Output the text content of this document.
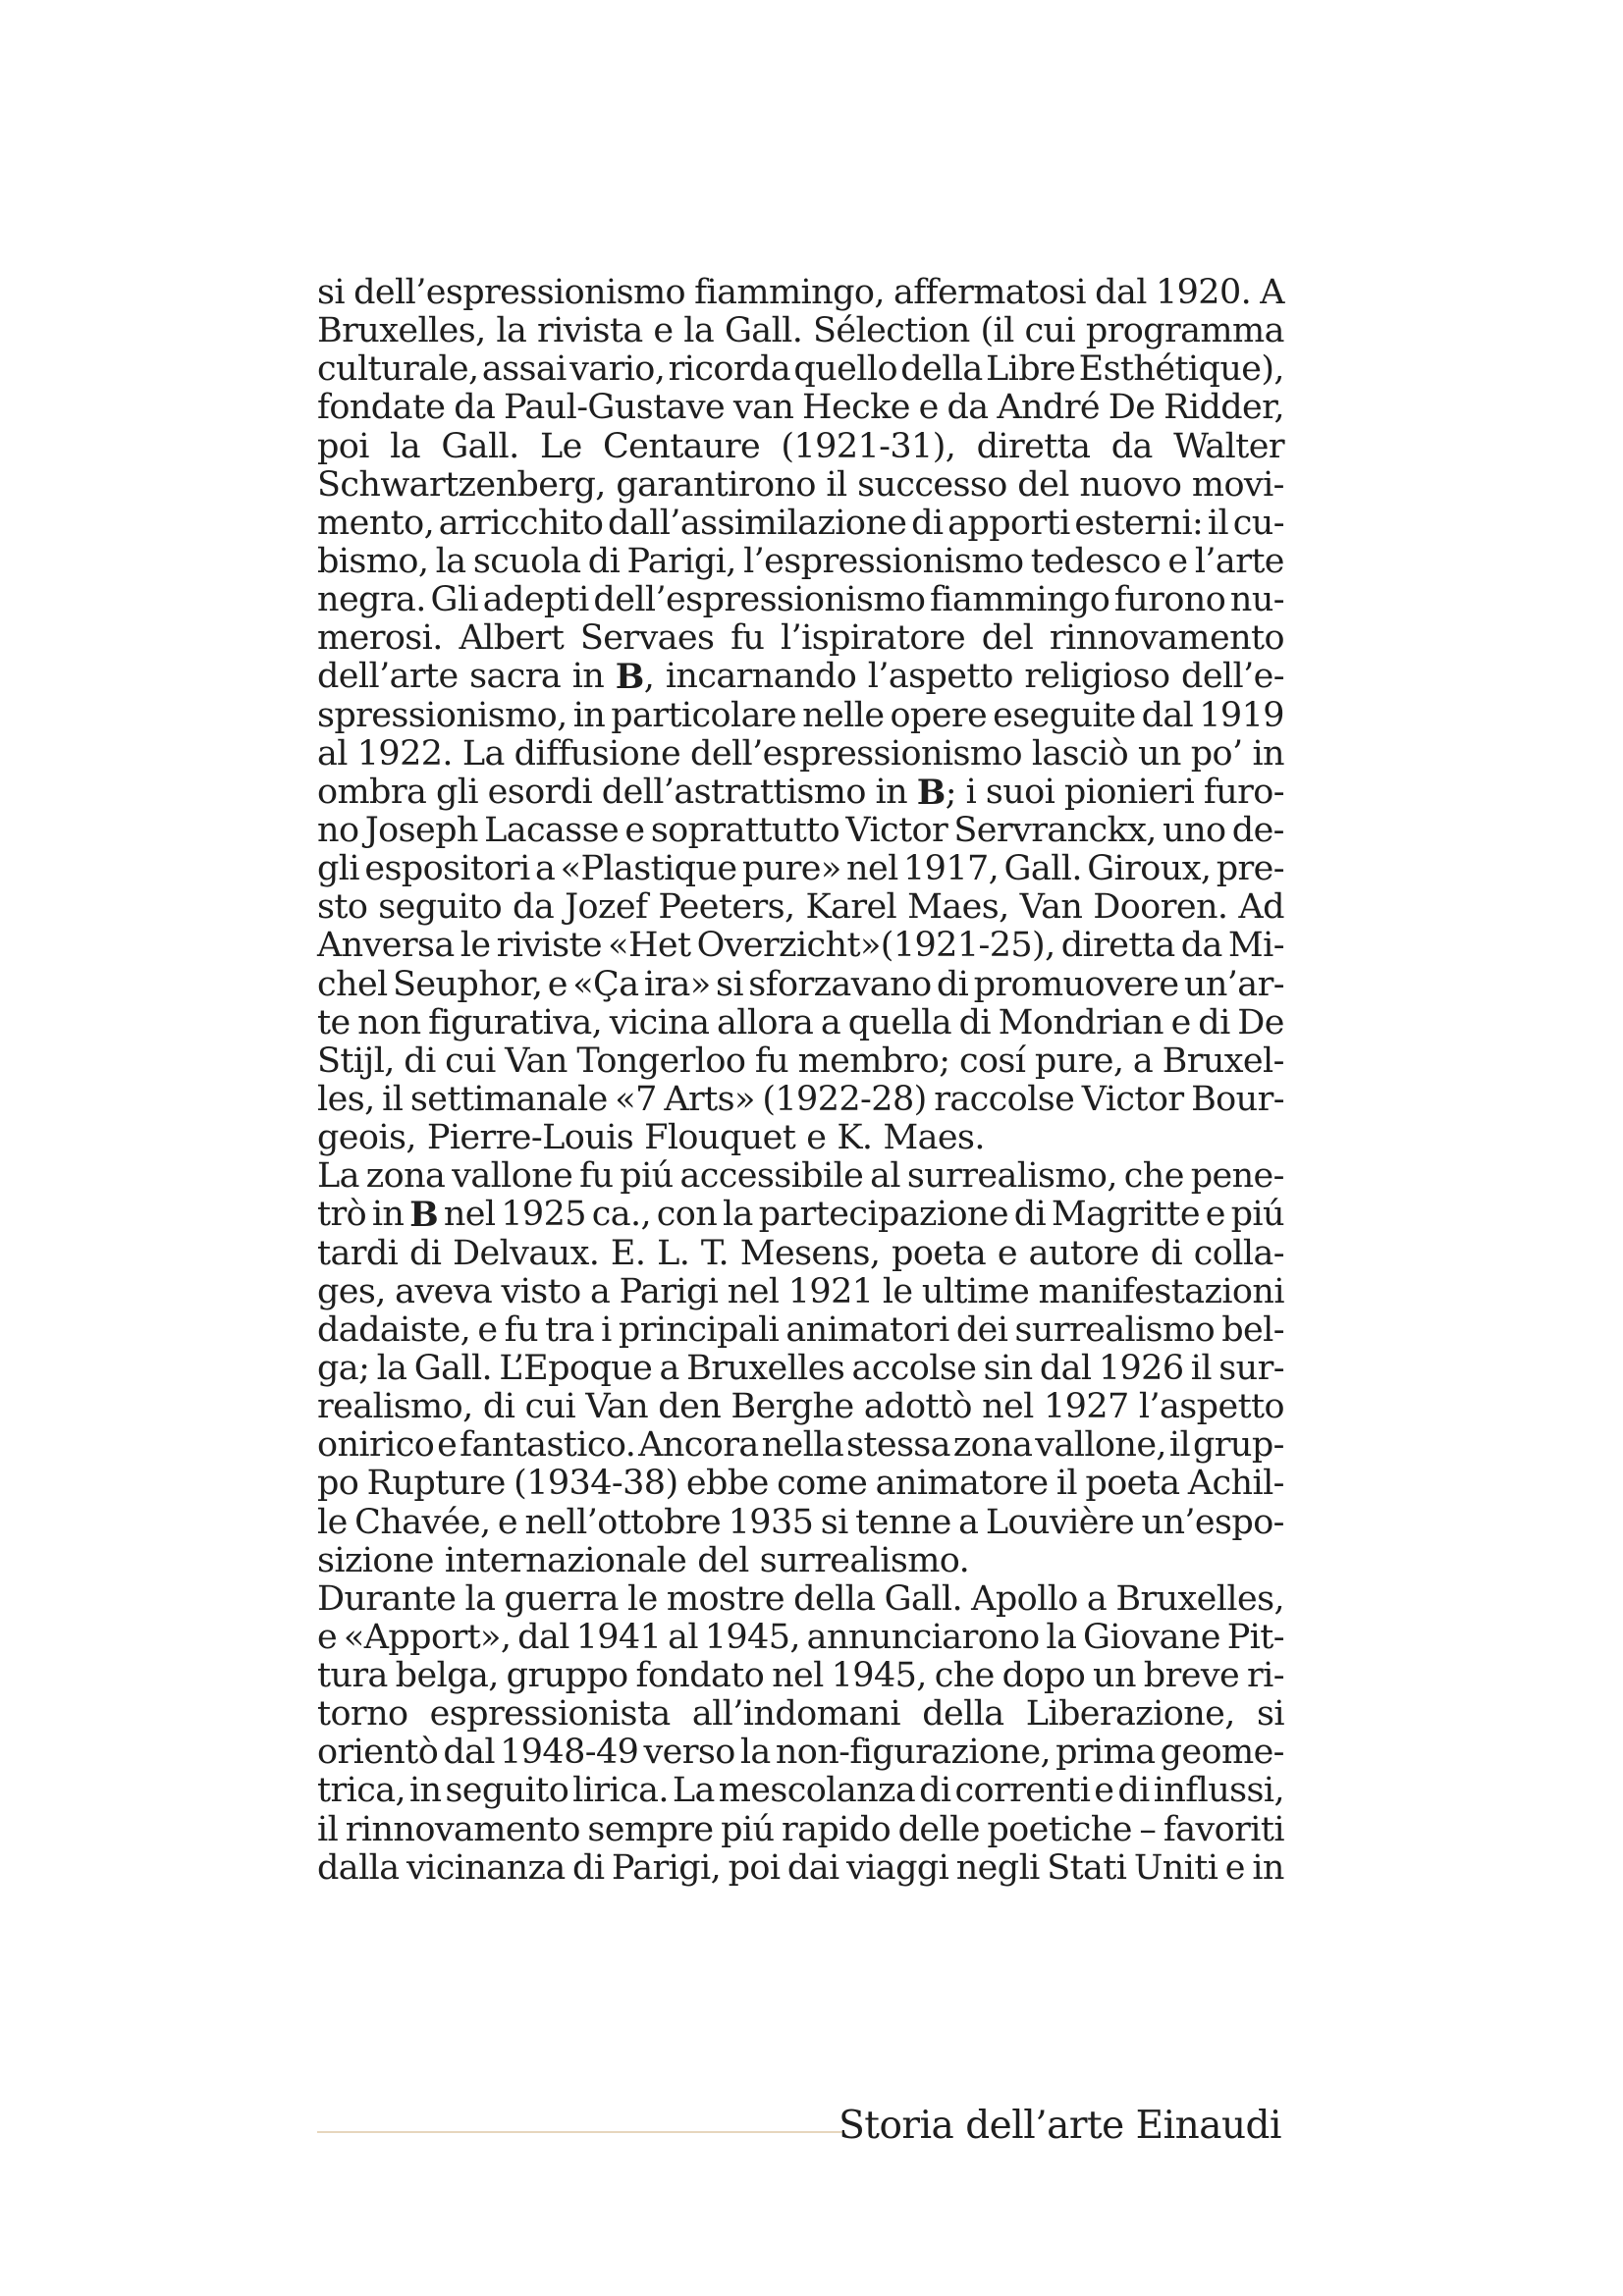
si dell’espressionismo fiammingo, affermatosi dal 1920. A
Bruxelles, la rivista e la Gall. Sélection (il cui programma
culturale, assai vario, ricorda quello della Libre Esthétique),
fondate da Paul-Gustave van Hecke e da André De Ridder,
poi la Gall. Le Centaure (1921-31), diretta da Walter
Schwartzenberg, garantirono il successo del nuovo movi-
mento, arricchito dall’assimilazione di apporti esterni: il cu-
bismo, la scuola di Parigi, l’espressionismo tedesco e l’arte
negra. Gli adepti dell’espressionismo fiammingo furono nu-
merosi. Albert Servaes fu l’ispiratore del rinnovamento
dell’arte sacra in B, incarnando l’aspetto religioso dell’e-
spressionismo, in particolare nelle opere eseguite dal 1919
al 1922. La diffusione dell’espressionismo lasciò un po’ in
ombra gli esordi dell’astrattismo in B; i suoi pionieri furo-
no Joseph Lacasse e soprattutto Victor Servranckx, uno de-
gli espositori a «Plastique pure» nel 1917, Gall. Giroux, pre-
sto seguito da Jozef Peeters, Karel Maes, Van Dooren. Ad
Anversa le riviste «Het Overzicht»(1921-25), diretta da Mi-
chel Seuphor, e «Ça ira» si sforzavano di promuovere un’ar-
te non figurativa, vicina allora a quella di Mondrian e di De
Stijl, di cui Van Tongerloo fu membro; cosí pure, a Bruxel-
les, il settimanale «7 Arts» (1922-28) raccolse Victor Bour-
geois, Pierre-Louis Flouquet e K. Maes.
La zona vallone fu piú accessibile al surrealismo, che pene-
trò in B nel 1925 ca., con la partecipazione di Magritte e piú
tardi di Delvaux. E. L. T. Mesens, poeta e autore di colla-
ges, aveva visto a Parigi nel 1921 le ultime manifestazioni
dadaiste, e fu tra i principali animatori dei surrealismo bel-
ga; la Gall. L’Epoque a Bruxelles accolse sin dal 1926 il sur-
realismo, di cui Van den Berghe adottò nel 1927 l’aspetto
onirico e fantastico. Ancora nella stessa zona vallone, il grup-
po Rupture (1934-38) ebbe come animatore il poeta Achil-
le Chavée, e nell’ottobre 1935 si tenne a Louvière un’espo-
sizione internazionale del surrealismo.
Durante la guerra le mostre della Gall. Apollo a Bruxelles,
e «Apport», dal 1941 al 1945, annunciarono la Giovane Pit-
tura belga, gruppo fondato nel 1945, che dopo un breve ri-
torno espressionista all’indomani della Liberazione, si
orientò dal 1948-49 verso la non-figurazione, prima geome-
trica, in seguito lirica. La mescolanza di correnti e di influssi,
il rinnovamento sempre piú rapido delle poetiche – favoriti
dalla vicinanza di Parigi, poi dai viaggi negli Stati Uniti e in
Storia dell’arte Einaudi
